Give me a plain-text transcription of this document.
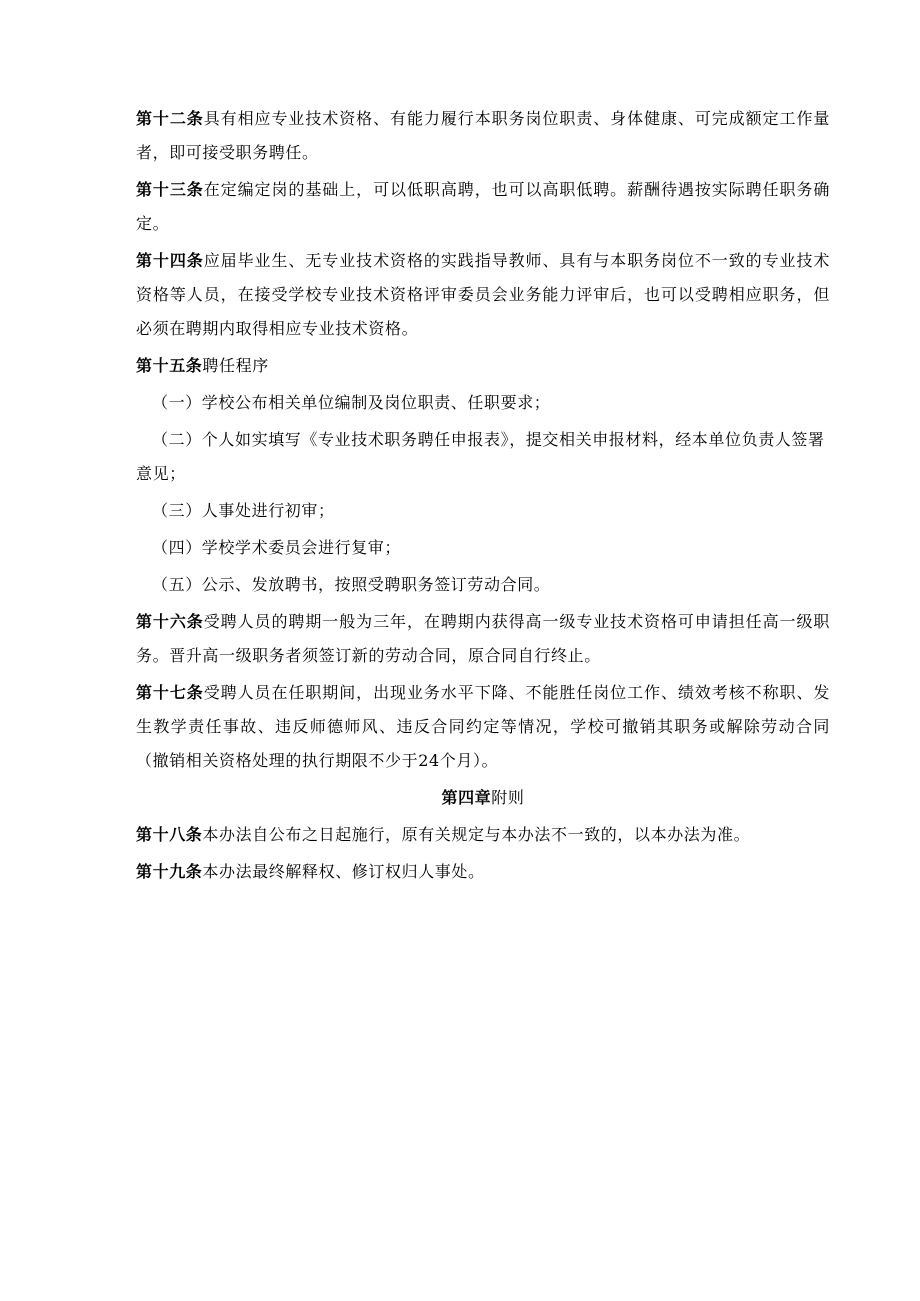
第十二条具有相应专业技术资格、有能力履行本职务岗位职责、身体健康、可完成额定工作量者，即可接受职务聘任。

第十三条在定编定岗的基础上，可以低职高聘，也可以高职低聘。薪酬待遇按实际聘任职务确定。

第十四条应届毕业生、无专业技术资格的实践指导教师、具有与本职务岗位不一致的专业技术资格等人员，在接受学校专业技术资格评审委员会业务能力评审后，也可以受聘相应职务，但必须在聘期内取得相应专业技术资格。

第十五条聘任程序

（一）学校公布相关单位编制及岗位职责、任职要求；

（二）个人如实填写《专业技术职务聘任申报表》，提交相关申报材料，经本单位负责人签署意见；

（三）人事处进行初审；

（四）学校学术委员会进行复审；

（五）公示、发放聘书，按照受聘职务签订劳动合同。

第十六条受聘人员的聘期一般为三年，在聘期内获得高一级专业技术资格可申请担任高一级职务。晋升高一级职务者须签订新的劳动合同，原合同自行终止。

第十七条受聘人员在任职期间，出现业务水平下降、不能胜任岗位工作、绩效考核不称职、发生教学责任事故、违反师德师风、违反合同约定等情况，学校可撤销其职务或解除劳动合同（撤销相关资格处理的执行期限不少于24个月）。

第四章附则

第十八条本办法自公布之日起施行，原有关规定与本办法不一致的，以本办法为准。

第十九条本办法最终解释权、修订权归人事处。
